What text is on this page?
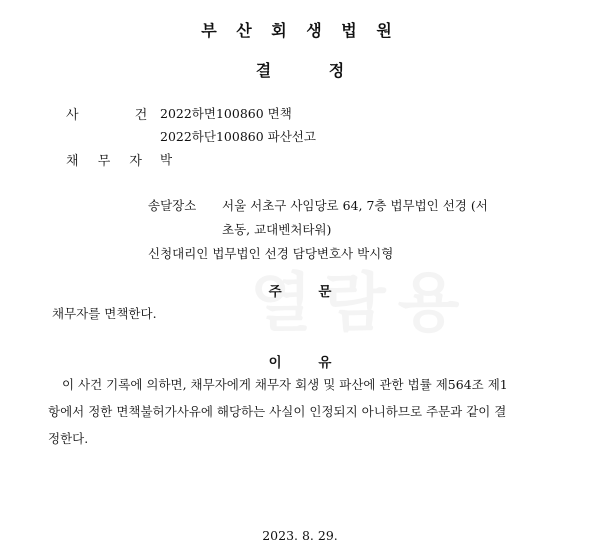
부 산 회 생 법 원
결 정
사	건 2022하면100860 면책
2022하단100860 파산선고
채 무 자 박
송달장소 서울 서초구 사임당로 64, 7층 법무법인 선경 (서
초동, 교대벤처타워)
신청대리인 법무법인 선경 담당변호사 박시형
주 문
채무자를 면책한다.
이 유
이 사건 기록에 의하면, 채무자에게 채무자 회생 및 파산에 관한 법률 제564조 제1
항에서 정한 면책불허가사유에 해당하는 사실이 인정되지 아니하므로 주문과 같이 결
정한다.
2023. 8. 29.
